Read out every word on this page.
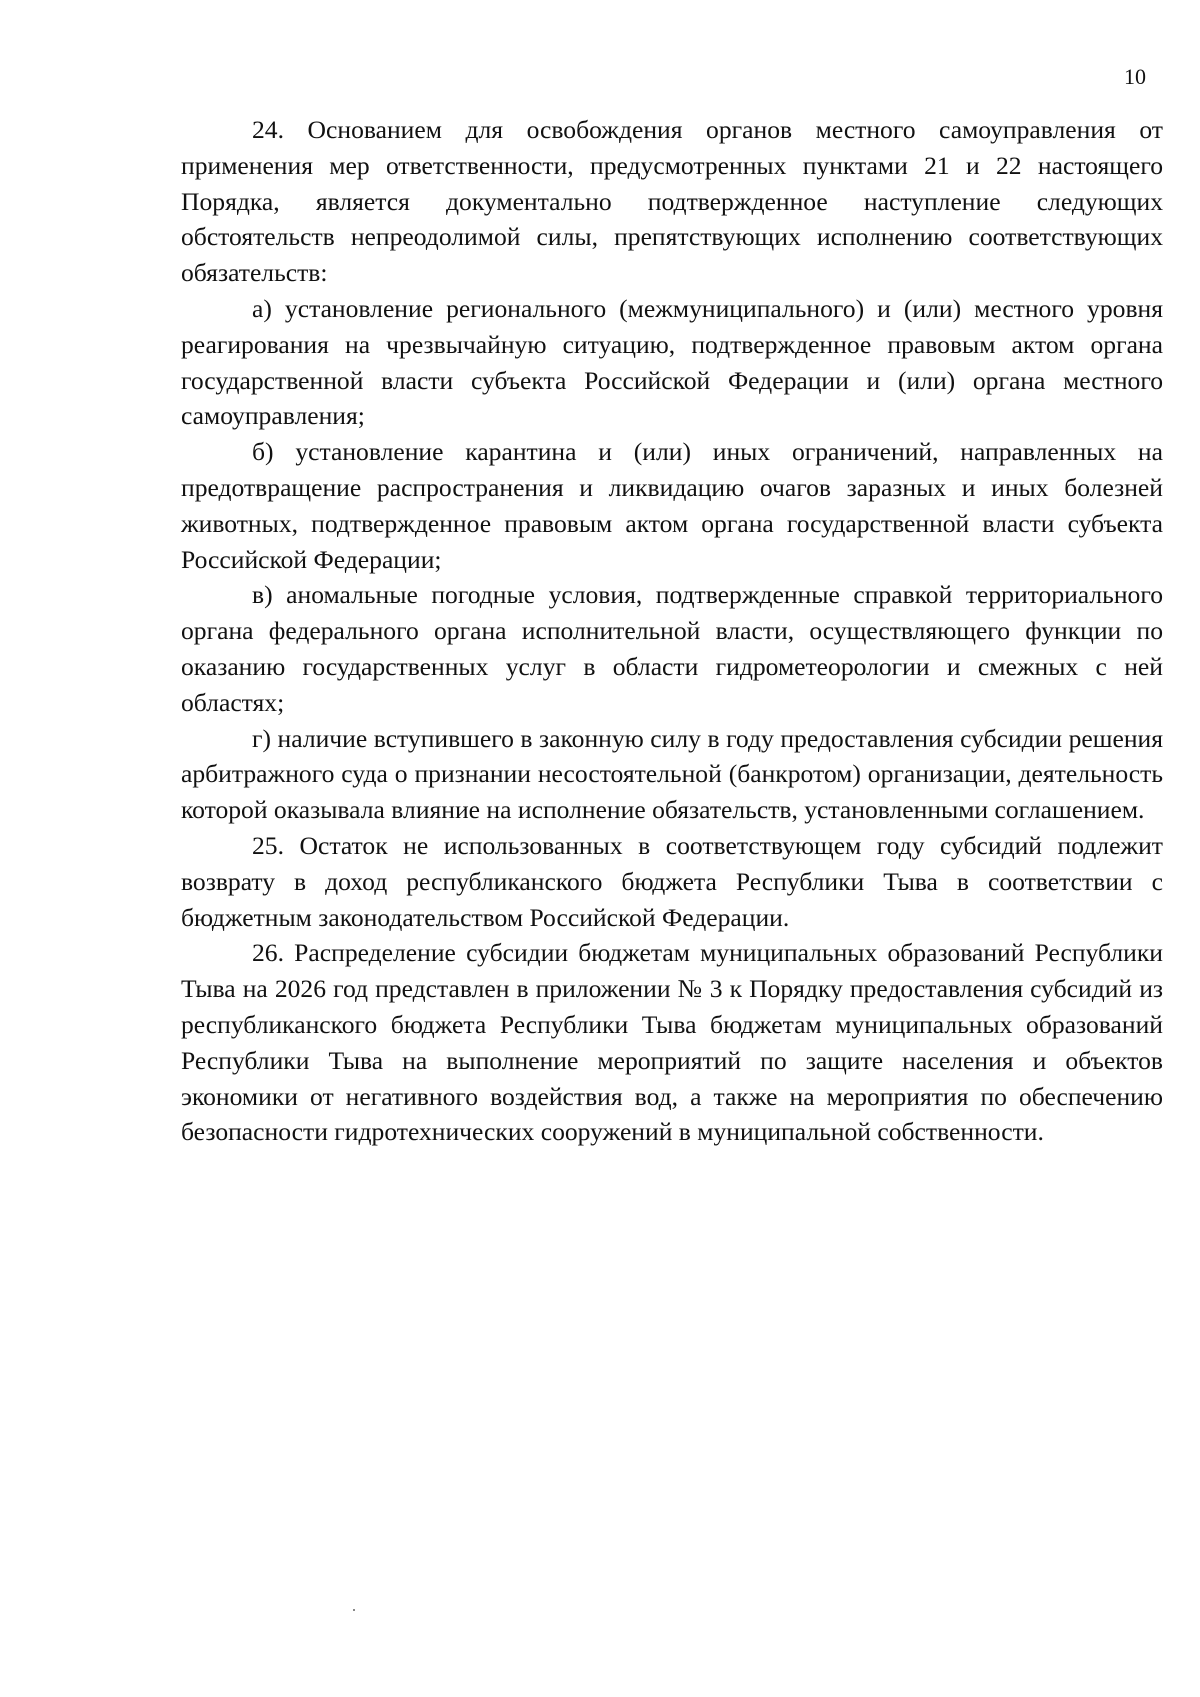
10

24. Основанием для освобождения органов местного самоуправления от применения мер ответственности, предусмотренных пунктами 21 и 22 настоящего Порядка, является документально подтвержденное наступление следующих обстоятельств непреодолимой силы, препятствующих исполнению соответствующих обязательств:

а) установление регионального (межмуниципального) и (или) местного уровня реагирования на чрезвычайную ситуацию, подтвержденное правовым актом органа государственной власти субъекта Российской Федерации и (или) органа местного самоуправления;

б) установление карантина и (или) иных ограничений, направленных на предотвращение распространения и ликвидацию очагов заразных и иных болезней животных, подтвержденное правовым актом органа государственной власти субъекта Российской Федерации;

в) аномальные погодные условия, подтвержденные справкой территориального органа федерального органа исполнительной власти, осуществляющего функции по оказанию государственных услуг в области гидрометеорологии и смежных с ней областях;

г) наличие вступившего в законную силу в году предоставления субсидии решения арбитражного суда о признании несостоятельной (банкротом) организации, деятельность которой оказывала влияние на исполнение обязательств, установленными соглашением.

25. Остаток не использованных в соответствующем году субсидий подлежит возврату в доход республиканского бюджета Республики Тыва в соответствии с бюджетным законодательством Российской Федерации.

26. Распределение субсидии бюджетам муниципальных образований Республики Тыва на 2026 год представлен в приложении № 3 к Порядку предоставления субсидий из республиканского бюджета Республики Тыва бюджетам муниципальных образований Республики Тыва на выполнение мероприятий по защите населения и объектов экономики от негативного воздействия вод, а также на мероприятия по обеспечению безопасности гидротехнических сооружений в муниципальной собственности.
